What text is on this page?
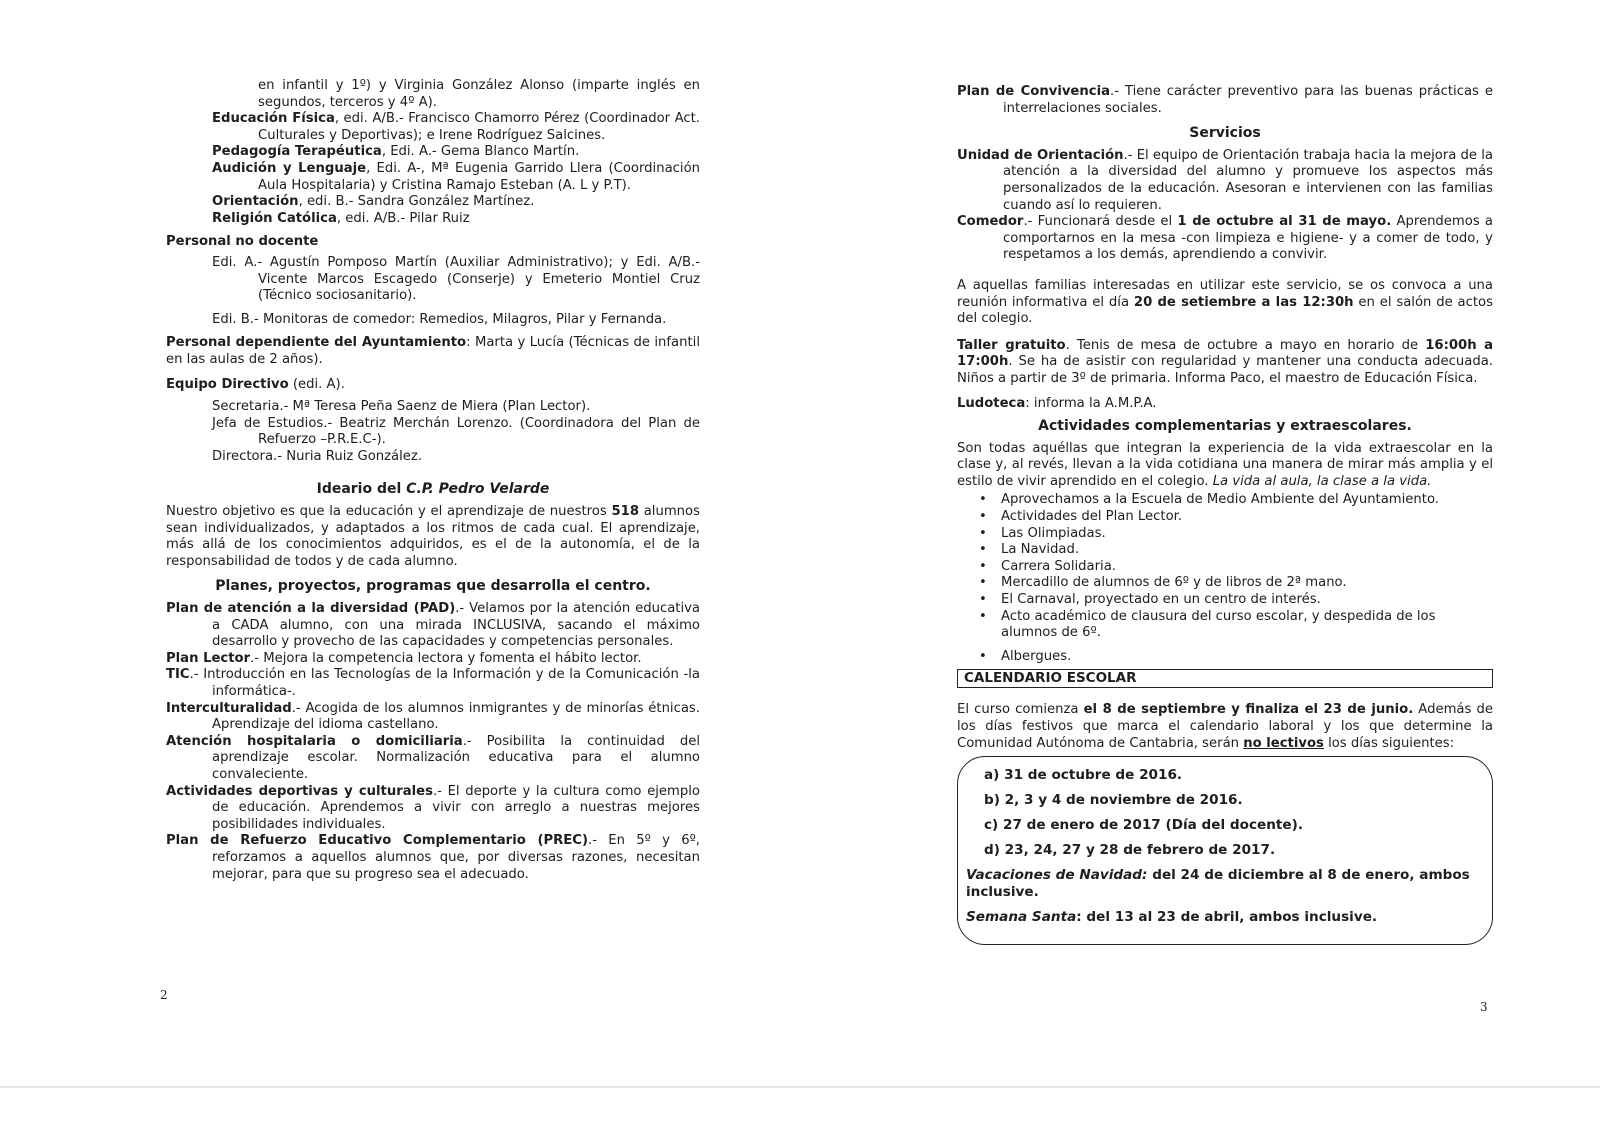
en infantil y 1º) y Virginia González Alonso (imparte inglés en segundos, terceros y 4º A).

Educación Física, edi. A/B.- Francisco Chamorro Pérez (Coordinador Act. Culturales y Deportivas); e Irene Rodríguez Salcines.

Pedagogía Terapéutica, Edi. A.- Gema Blanco Martín.

Audición y Lenguaje, Edi. A-, Mª Eugenia Garrido Llera (Coordinación Aula Hospitalaria) y Cristina Ramajo Esteban (A. L y P.T).

Orientación, edi. B.- Sandra González Martínez.

Religión Católica, edi. A/B.- Pilar Ruiz

Personal no docente

Edi. A.- Agustín Pomposo Martín (Auxiliar Administrativo); y Edi. A/B.- Vicente Marcos Escagedo (Conserje) y Emeterio Montiel Cruz (Técnico sociosanitario).

Edi. B.- Monitoras de comedor: Remedios, Milagros, Pilar y Fernanda.

Personal dependiente del Ayuntamiento: Marta y Lucía (Técnicas de infantil en las aulas de 2 años).

Equipo Directivo (edi. A).

Secretaria.- Mª Teresa Peña Saenz de Miera (Plan Lector).

Jefa de Estudios.- Beatriz Merchán Lorenzo. (Coordinadora del Plan de Refuerzo –P.R.E.C-).

Directora.- Nuria Ruiz González.

Ideario del C.P. Pedro Velarde

Nuestro objetivo es que la educación y el aprendizaje de nuestros 518 alumnos sean individualizados, y adaptados a los ritmos de cada cual. El aprendizaje, más allá de los conocimientos adquiridos, es el de la autonomía, el de la responsabilidad de todos y de cada alumno.

Planes, proyectos, programas que desarrolla el centro.

Plan de atención a la diversidad (PAD).- Velamos por la atención educativa a CADA alumno, con una mirada INCLUSIVA, sacando el máximo desarrollo y provecho de las capacidades y competencias personales.

Plan Lector.- Mejora la competencia lectora y fomenta el hábito lector.

TIC.- Introducción en las Tecnologías de la Información y de la Comunicación -la informática-.

Interculturalidad.- Acogida de los alumnos inmigrantes y de minorías étnicas. Aprendizaje del idioma castellano.

Atención hospitalaria o domiciliaria.- Posibilita la continuidad del aprendizaje escolar. Normalización educativa para el alumno convaleciente.

Actividades deportivas y culturales.- El deporte y la cultura como ejemplo de educación. Aprendemos a vivir con arreglo a nuestras mejores posibilidades individuales.

Plan de Refuerzo Educativo Complementario (PREC).- En 5º y 6º, reforzamos a aquellos alumnos que, por diversas razones, necesitan mejorar, para que su progreso sea el adecuado.

2

Plan de Convivencia.- Tiene carácter preventivo para las buenas prácticas e interrelaciones sociales.

Servicios

Unidad de Orientación.- El equipo de Orientación trabaja hacia la mejora de la atención a la diversidad del alumno y promueve los aspectos más personalizados de la educación. Asesoran e intervienen con las familias cuando así lo requieren.

Comedor.- Funcionará desde el 1 de octubre al 31 de mayo. Aprendemos a comportarnos en la mesa -con limpieza e higiene- y a comer de todo, y respetamos a los demás, aprendiendo a convivir.

A aquellas familias interesadas en utilizar este servicio, se os convoca a una reunión informativa el día 20 de setiembre a las 12:30h en el salón de actos del colegio.

Taller gratuito. Tenis de mesa de octubre a mayo en horario de 16:00h a 17:00h. Se ha de asistir con regularidad y mantener una conducta adecuada. Niños a partir de 3º de primaria. Informa Paco, el maestro de Educación Física.

Ludoteca: informa la A.M.P.A.

Actividades complementarias y extraescolares.

Son todas aquéllas que integran la experiencia de la vida extraescolar en la clase y, al revés, llevan a la vida cotidiana una manera de mirar más amplia y el estilo de vivir aprendido en el colegio. La vida al aula, la clase a la vida.

• Aprovechamos a la Escuela de Medio Ambiente del Ayuntamiento.
• Actividades del Plan Lector.
• Las Olimpiadas.
• La Navidad.
• Carrera Solidaria.
• Mercadillo de alumnos de 6º y de libros de 2ª mano.
• El Carnaval, proyectado en un centro de interés.
• Acto académico de clausura del curso escolar, y despedida de los alumnos de 6º.
• Albergues.
CALENDARIO ESCOLAR

El curso comienza el 8 de septiembre y finaliza el 23 de junio. Además de los días festivos que marca el calendario laboral y los que determine la Comunidad Autónoma de Cantabria, serán no lectivos los días siguientes:

a) 31 de octubre de 2016.
b) 2, 3 y 4 de noviembre de 2016.
c) 27 de enero de 2017 (Día del docente).
d) 23, 24, 27 y 28 de febrero de 2017.
Vacaciones de Navidad: del 24 de diciembre al 8 de enero, ambos inclusive.
Semana Santa: del 13 al 23 de abril, ambos inclusive.
3
